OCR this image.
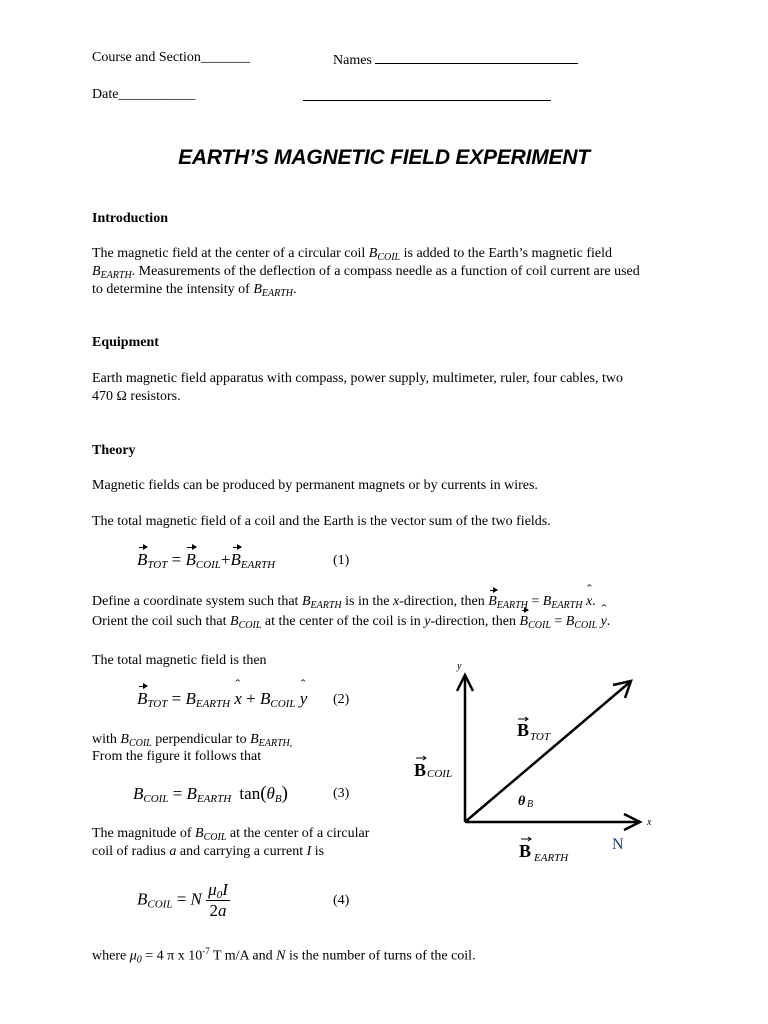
Course and Section_______	Names
Date___________
EARTH’S MAGNETIC FIELD EXPERIMENT
Introduction
The magnetic field at the center of a circular coil $B_{COIL}$ is added to the Earth’s magnetic field
$B_{EARTH}$. Measurements of the deflection of a compass needle as a function of coil current are used
to determine the intensity of $B_{EARTH}$.
Equipment
Earth magnetic field apparatus with compass, power supply, multimeter, ruler, four cables, two
470 Ω resistors.
Theory
Magnetic fields can be produced by permanent magnets or by currents in wires.
The total magnetic field of a coil and the Earth is the vector sum of the two fields.
$B_{TOT} = B_{COIL}+B_{EARTH}$	(1)
Define a coordinate system such that $B_{EARTH}$ is in the x-direction, then $B_{EARTH} = B_{EARTH}$ ˆ x.
Orient the coil such that $B_{COIL}$ at the center of the coil is in y-direction, then $B_{COIL} = B_{COIL}$ ˆ y.
The total magnetic field is then
$B_{TOT} = B_{EARTH}$ ˆ $x + B_{COIL}$ ˆ y (2)
with $B_{COIL}$ perpendicular to $B_{EARTH,}$
From the figure it follows that
$B_{COIL} = B_{EARTH}$ $\tan(\theta_B)$	(3)
The magnitude of $B_{COIL}$ at the center of a circular
coil of radius a and carrying a current I is
$B_{COIL} = N \frac{\mu_0I}{2a}$	(4)
where $\mu_0 = 4$ π x $10^{-7}$ T m/A and N is the number of turns of the coil.
y
x
B TOT
B COIL
θ B
B EARTH
N
